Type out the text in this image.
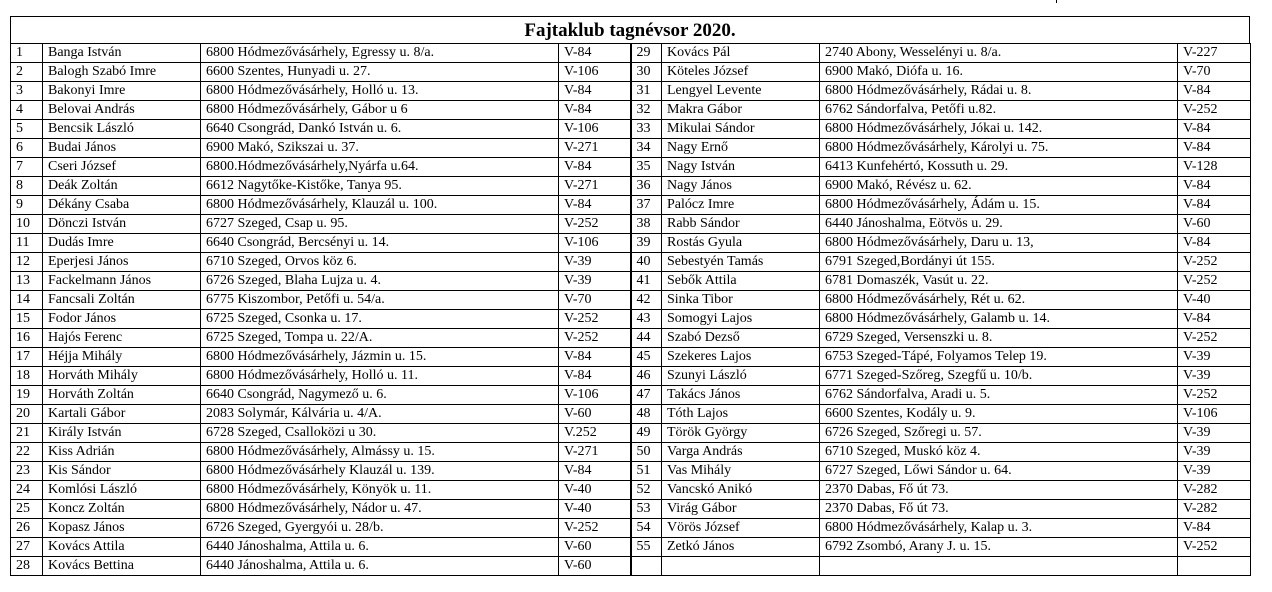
Fajtaklub tagnévsor 2020.
1	Banga István	6800 Hódmezővásárhely, Egressy u. 8/a.	V-84	29	Kovács Pál	2740 Abony, Wesselényi u. 8/a.	V-227
2	Balogh Szabó Imre	6600 Szentes, Hunyadi u. 27.	V-106	30	Köteles József	6900 Makó, Diófa u. 16.	V-70
3	Bakonyi Imre	6800 Hódmezővásárhely, Holló u. 13.	V-84	31	Lengyel Levente	6800 Hódmezővásárhely, Rádai u. 8.	V-84
4	Belovai András	6800 Hódmezővásárhely, Gábor u 6	V-84	32	Makra Gábor	6762 Sándorfalva, Petőfi u.82.	V-252
5	Bencsik László	6640 Csongrád, Dankó István u. 6.	V-106	33	Mikulai Sándor	6800 Hódmezővásárhely, Jókai u. 142.	V-84
6	Budai János	6900 Makó, Szikszai u. 37.	V-271	34	Nagy Ernő	6800 Hódmezővásárhely, Károlyi u. 75.	V-84
7	Cseri József	6800.Hódmezővásárhely,Nyárfa u.64.	V-84	35	Nagy István	6413 Kunfehértó, Kossuth u. 29.	V-128
8	Deák Zoltán	6612 Nagytőke-Kistőke, Tanya 95.	V-271	36	Nagy János	6900 Makó, Révész u. 62.	V-84
9	Dékány Csaba	6800 Hódmezővásárhely, Klauzál u. 100.	V-84	37	Palócz Imre	6800 Hódmezővásárhely, Ádám u. 15.	V-84
10	Dönczi István	6727 Szeged, Csap u. 95.	V-252	38	Rabb Sándor	6440 Jánoshalma, Eötvös u. 29.	V-60
11	Dudás Imre	6640 Csongrád, Bercsényi u. 14.	V-106	39	Rostás Gyula	6800 Hódmezővásárhely, Daru u. 13,	V-84
12	Eperjesi János	6710 Szeged, Orvos köz 6.	V-39	40	Sebestyén Tamás	6791 Szeged,Bordányi út 155.	V-252
13	Fackelmann János	6726 Szeged, Blaha Lujza u. 4.	V-39	41	Sebők Attila	6781 Domaszék, Vasút u. 22.	V-252
14	Fancsali Zoltán	6775 Kiszombor, Petőfi u. 54/a.	V-70	42	Sinka Tibor	6800 Hódmezővásárhely, Rét u. 62.	V-40
15	Fodor János	6725 Szeged, Csonka u. 17.	V-252	43	Somogyi Lajos	6800 Hódmezővásárhely, Galamb u. 14.	V-84
16	Hajós Ferenc	6725 Szeged, Tompa u. 22/A.	V-252	44	Szabó Dezső	6729 Szeged, Versenszki u. 8.	V-252
17	Héjja Mihály	6800 Hódmezővásárhely, Jázmin u. 15.	V-84	45	Szekeres Lajos	6753 Szeged-Tápé, Folyamos Telep 19.	V-39
18	Horváth Mihály	6800 Hódmezővásárhely, Holló u. 11.	V-84	46	Szunyi László	6771 Szeged-Szőreg, Szegfű u. 10/b.	V-39
19	Horváth Zoltán	6640 Csongrád, Nagymező u. 6.	V-106	47	Takács János	6762 Sándorfalva, Aradi u. 5.	V-252
20	Kartali Gábor	2083 Solymár, Kálvária u. 4/A.	V-60	48	Tóth Lajos	6600 Szentes, Kodály u. 9.	V-106
21	Király István	6728 Szeged, Csalloközi u 30.	V.252	49	Török György	6726 Szeged, Szőregi u. 57.	V-39
22	Kiss Adrián	6800 Hódmezővásárhely, Almássy u. 15.	V-271	50	Varga András	6710 Szeged, Muskó köz 4.	V-39
23	Kis Sándor	6800 Hódmezővásárhely Klauzál u. 139.	V-84	51	Vas Mihály	6727 Szeged, Lőwi Sándor u. 64.	V-39
24	Komlósi László	6800 Hódmezővásárhely, Könyök u. 11.	V-40	52	Vancskó Anikó	2370 Dabas, Fő út 73.	V-282
25	Koncz Zoltán	6800 Hódmezővásárhely, Nádor u. 47.	V-40	53	Virág Gábor	2370 Dabas, Fő út 73.	V-282
26	Kopasz János	6726 Szeged, Gyergyói u. 28/b.	V-252	54	Vörös József	6800 Hódmezővásárhely, Kalap u. 3.	V-84
27	Kovács Attila	6440 Jánoshalma, Attila u. 6.	V-60	55	Zetkó János	6792 Zsombó, Arany J. u. 15.	V-252
28	Kovács Bettina	6440 Jánoshalma, Attila u. 6.	V-60				
